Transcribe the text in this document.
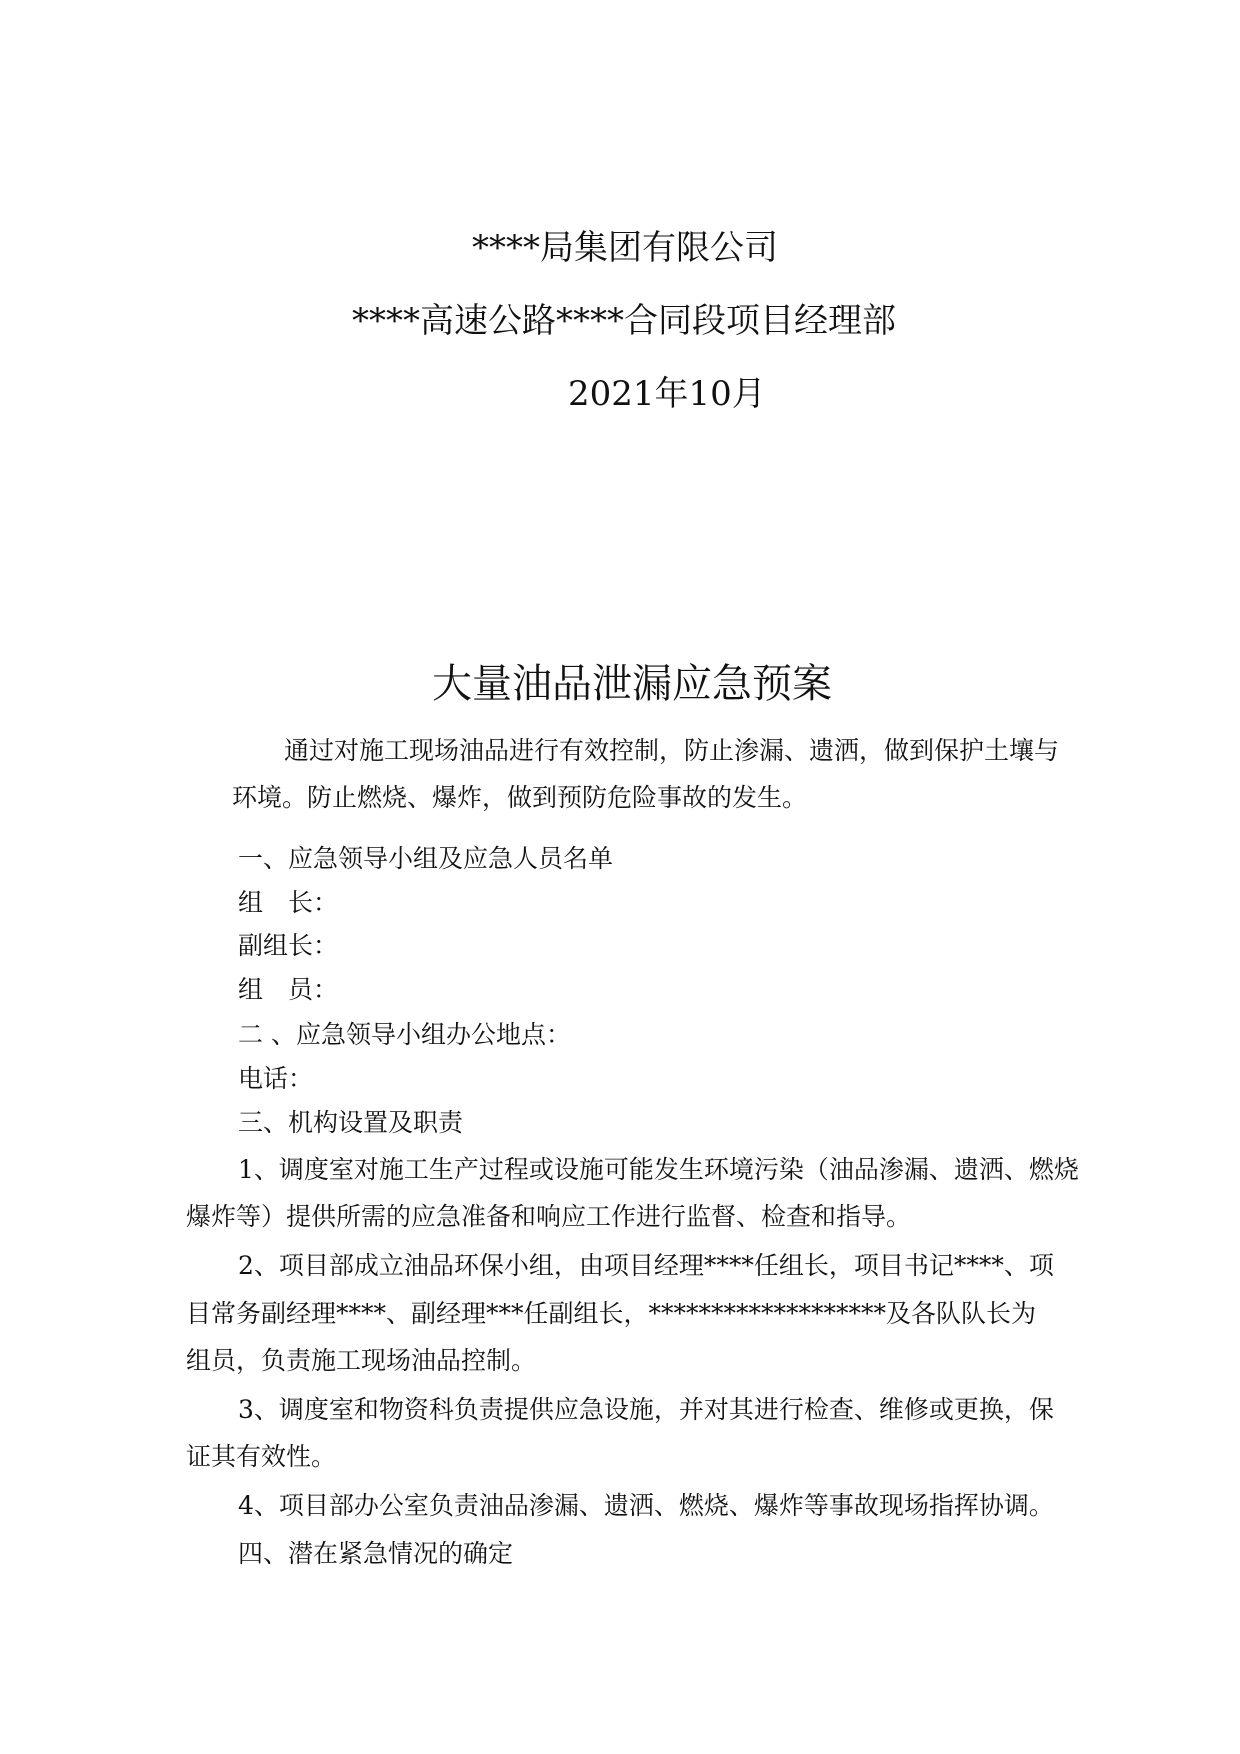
****局集团有限公司

****高速公路****合同段项目经理部

2021年10月

大量油品泄漏应急预案

通过对施工现场油品进行有效控制，防止渗漏、遗洒，做到保护土壤与

环境。防止燃烧、爆炸，做到预防危险事故的发生。

一、应急领导小组及应急人员名单

组　长：

副组长：

组　员：

二 、应急领导小组办公地点：

电话：

三、机构设置及职责

1、调度室对施工生产过程或设施可能发生环境污染（油品渗漏、遗洒、燃烧

爆炸等）提供所需的应急准备和响应工作进行监督、检查和指导。

2、项目部成立油品环保小组，由项目经理****任组长，项目书记****、项

目常务副经理****、副经理***任副组长，*******************及各队队长为

组员，负责施工现场油品控制。

3、调度室和物资科负责提供应急设施，并对其进行检查、维修或更换，保

证其有效性。

4、项目部办公室负责油品渗漏、遗洒、燃烧、爆炸等事故现场指挥协调。

四、潜在紧急情况的确定
